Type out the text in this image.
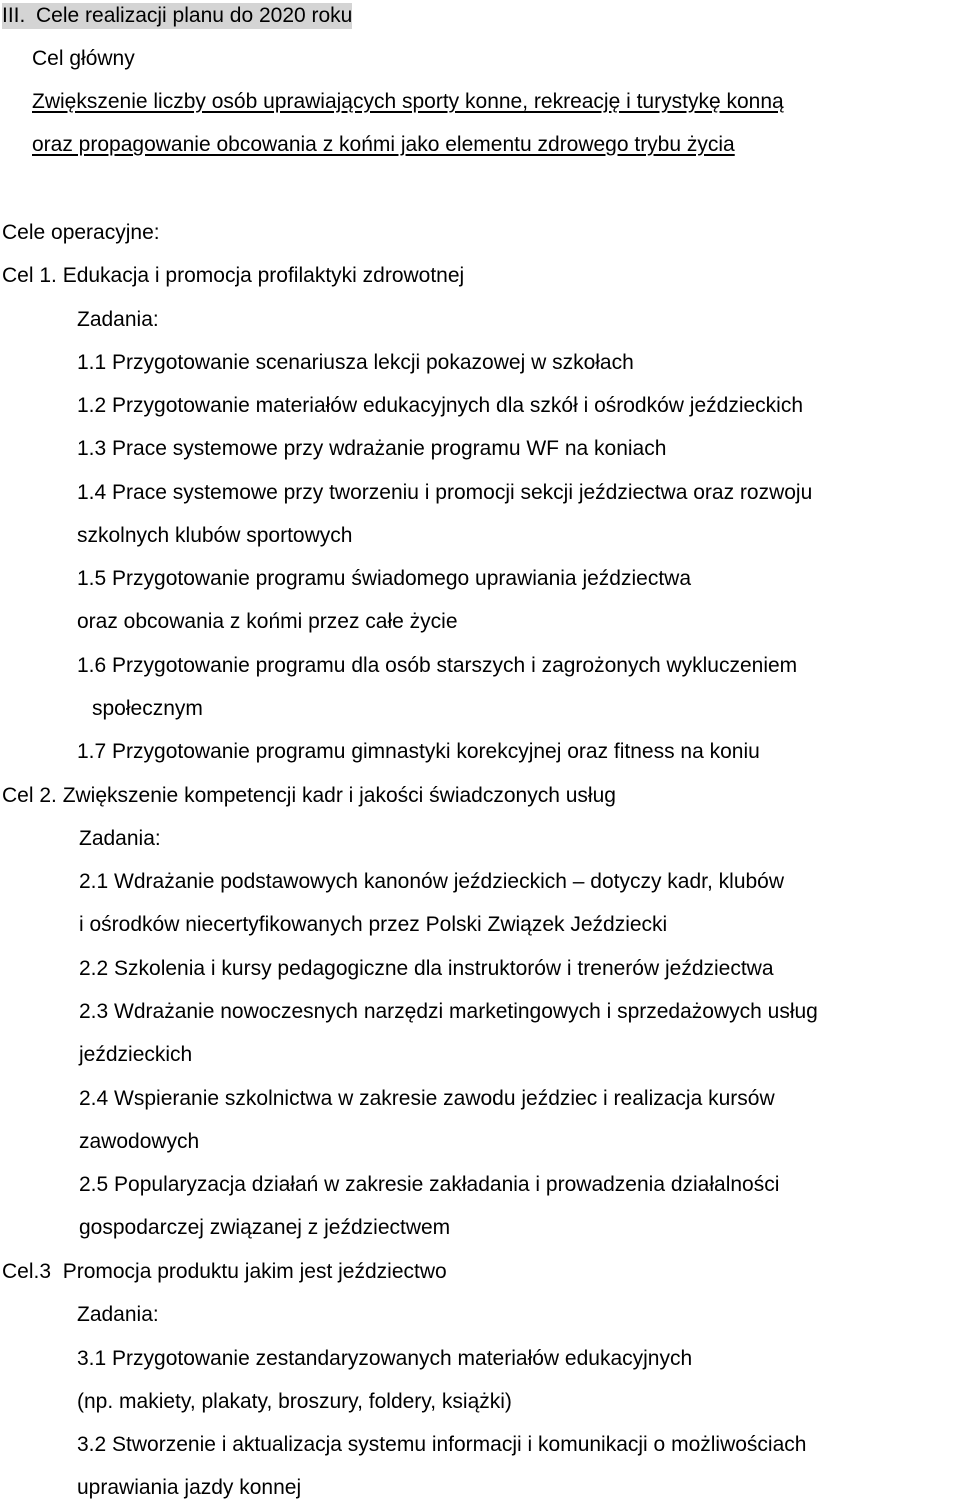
III. Cele realizacji planu do 2020 roku
Cel główny
Zwiększenie liczby osób uprawiających sporty konne, rekreację i turystykę konną
oraz propagowanie obcowania z końmi jako elementu zdrowego trybu życia
Cele operacyjne:
Cel 1. Edukacja i promocja profilaktyki zdrowotnej
Zadania:
1.1 Przygotowanie scenariusza lekcji pokazowej w szkołach
1.2 Przygotowanie materiałów edukacyjnych dla szkół i ośrodków jeździeckich
1.3 Prace systemowe przy wdrażanie programu WF na koniach
1.4 Prace systemowe przy tworzeniu i promocji sekcji jeździectwa oraz rozwoju
szkolnych klubów sportowych
1.5 Przygotowanie programu świadomego uprawiania jeździectwa
oraz obcowania z końmi przez całe życie
1.6 Przygotowanie programu dla osób starszych i zagrożonych wykluczeniem
społecznym
1.7 Przygotowanie programu gimnastyki korekcyjnej oraz fitness na koniu
Cel 2. Zwiększenie kompetencji kadr i jakości świadczonych usług
Zadania:
2.1 Wdrażanie podstawowych kanonów jeździeckich – dotyczy kadr, klubów
i ośrodków niecertyfikowanych przez Polski Związek Jeździecki
2.2 Szkolenia i kursy pedagogiczne dla instruktorów i trenerów jeździectwa
2.3 Wdrażanie nowoczesnych narzędzi marketingowych i sprzedażowych usług
jeździeckich
2.4 Wspieranie szkolnictwa w zakresie zawodu jeździec i realizacja kursów
zawodowych
2.5 Popularyzacja działań w zakresie zakładania i prowadzenia działalności
gospodarczej związanej z jeździectwem
Cel.3  Promocja produktu jakim jest jeździectwo
Zadania:
3.1 Przygotowanie zestandaryzowanych materiałów edukacyjnych
(np. makiety, plakaty, broszury, foldery, książki)
3.2 Stworzenie i aktualizacja systemu informacji i komunikacji o możliwościach
uprawiania jazdy konnej
